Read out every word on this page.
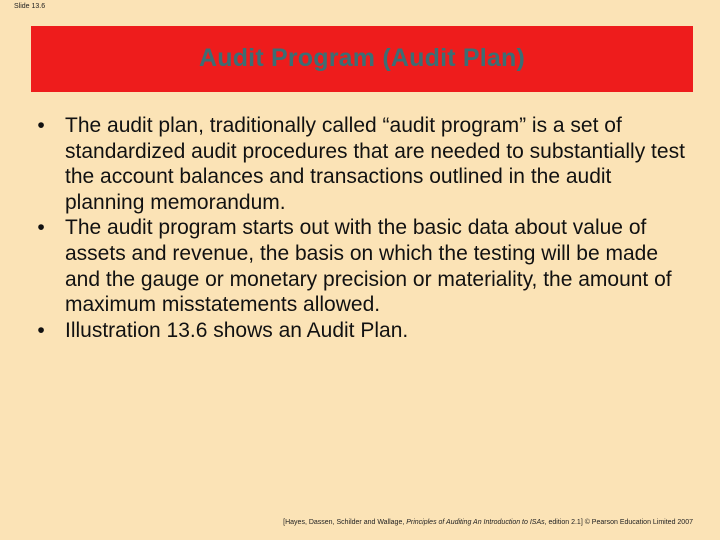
Slide 13.6
Audit Program (Audit Plan)
• The audit plan, traditionally called “audit program” is a set of standardized audit procedures that are needed to substantially test the account balances and transactions outlined in the audit planning memorandum.
• The audit program starts out with the basic data about value of assets and revenue, the basis on which the testing will be made and the gauge or monetary precision or materiality, the amount of maximum misstatements allowed.
• Illustration 13.6 shows an Audit Plan.
[Hayes, Dassen, Schilder and Wallage, Principles of Auditing An Introduction to ISAs, edition 2.1] © Pearson Education Limited 2007
